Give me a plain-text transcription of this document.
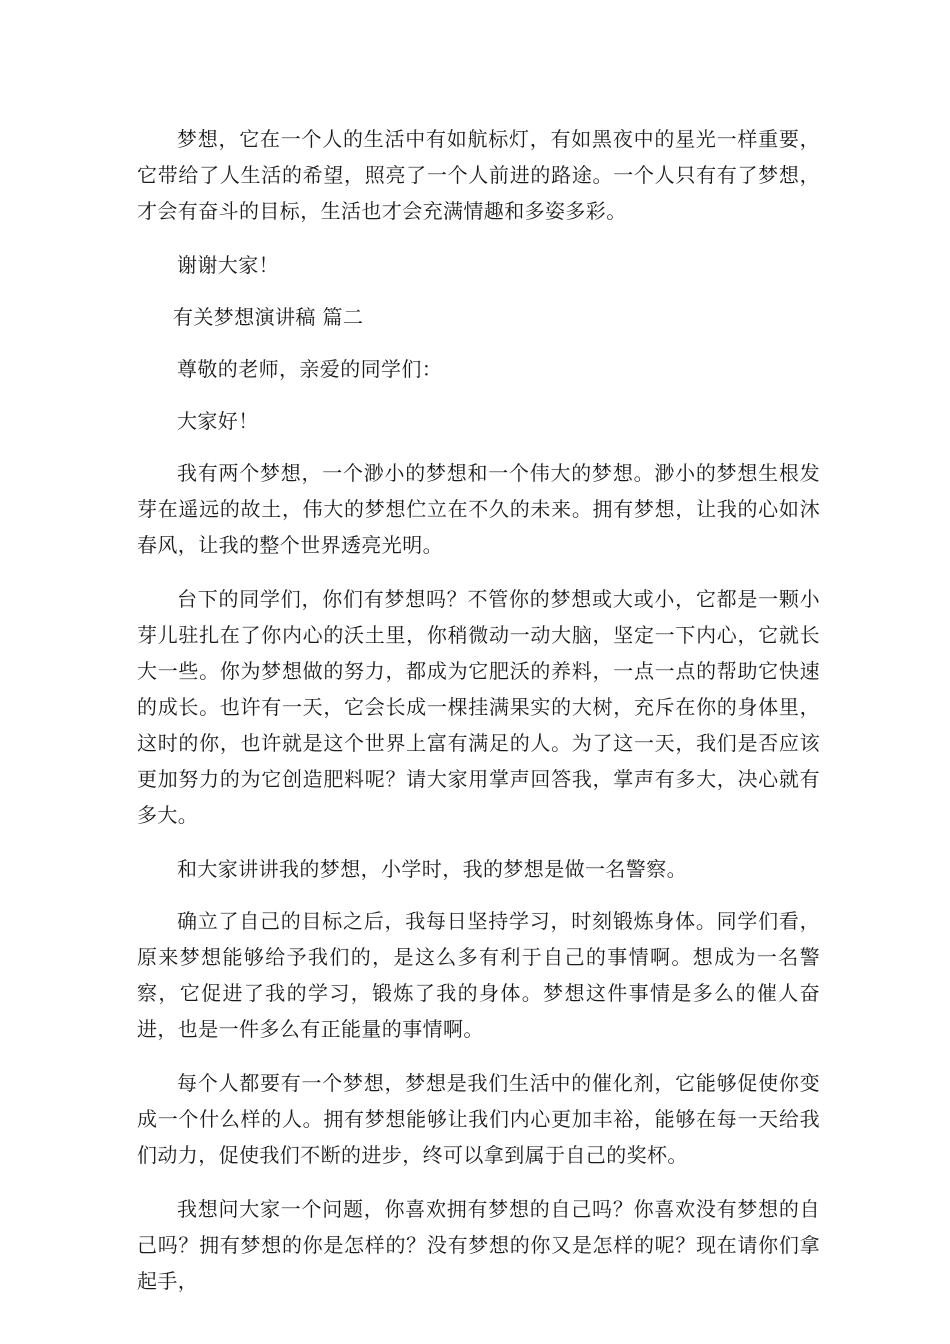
梦想，它在一个人的生活中有如航标灯，有如黑夜中的星光一样重要，它带给了人生活的希望，照亮了一个人前进的路途。一个人只有有了梦想，才会有奋斗的目标，生活也才会充满情趣和多姿多彩。

谢谢大家！

有关梦想演讲稿 篇二

尊敬的老师，亲爱的同学们：

大家好！

我有两个梦想，一个渺小的梦想和一个伟大的梦想。渺小的梦想生根发芽在遥远的故土，伟大的梦想伫立在不久的未来。拥有梦想，让我的心如沐春风，让我的整个世界透亮光明。

台下的同学们，你们有梦想吗？不管你的梦想或大或小，它都是一颗小芽儿驻扎在了你内心的沃土里，你稍微动一动大脑，坚定一下内心，它就长大一些。你为梦想做的努力，都成为它肥沃的养料，一点一点的帮助它快速的成长。也许有一天，它会长成一棵挂满果实的大树，充斥在你的身体里，这时的你，也许就是这个世界上富有满足的人。为了这一天，我们是否应该更加努力的为它创造肥料呢？请大家用掌声回答我，掌声有多大，决心就有多大。

和大家讲讲我的梦想，小学时，我的梦想是做一名警察。

确立了自己的目标之后，我每日坚持学习，时刻锻炼身体。同学们看，原来梦想能够给予我们的，是这么多有利于自己的事情啊。想成为一名警察，它促进了我的学习，锻炼了我的身体。梦想这件事情是多么的催人奋进，也是一件多么有正能量的事情啊。

每个人都要有一个梦想，梦想是我们生活中的催化剂，它能够促使你变成一个什么样的人。拥有梦想能够让我们内心更加丰裕，能够在每一天给我们动力，促使我们不断的进步，终可以拿到属于自己的奖杯。

我想问大家一个问题，你喜欢拥有梦想的自己吗？你喜欢没有梦想的自己吗？拥有梦想的你是怎样的？没有梦想的你又是怎样的呢？现在请你们拿起手，
